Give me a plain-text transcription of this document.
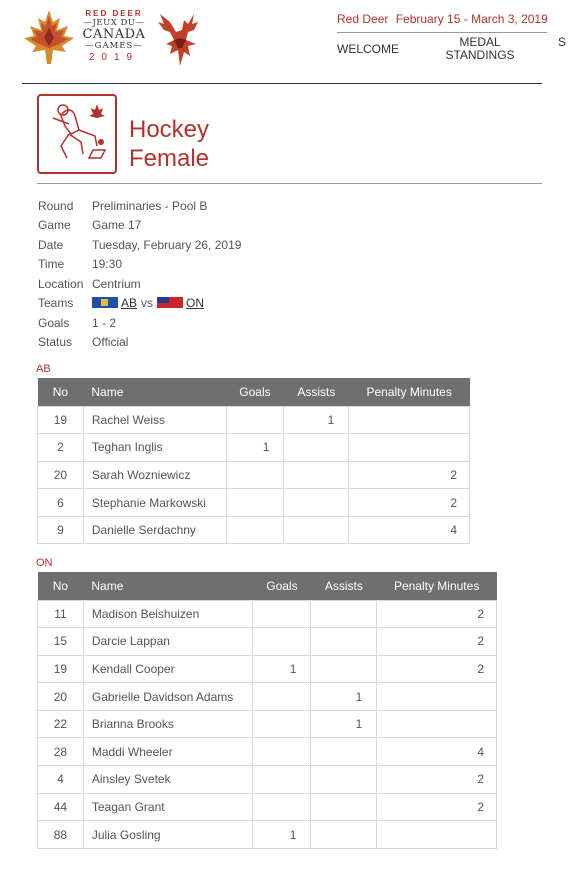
RED DEER
—JEUX DU—
CANADA
—GAMES—
2019
Red Deer February 15 - March 3, 2019
WELCOME	MEDAL
STANDINGS
S
Hockey
Female
Round	Preliminaries - Pool B
Game	Game 17
Date	Tuesday, February 26, 2019
Time	19:30
Location Centrium
Teams	AB vs	ON
Goals	1 - 2
Status	Official
AB
No	Name	Goals	Assists	Penalty Minutes
19	Rachel Weiss		1	
2	Teghan Inglis	1		
20	Sarah Wozniewicz			2
6	Stephanie Markowski			2
9	Danielle Serdachny			4
ON
No	Name	Goals	Assists	Penalty Minutes
11	Madison Beishuizen			2
15	Darcie Lappan			2
19	Kendall Cooper	1		2
20	Gabrielle Davidson Adams		1	
22	Brianna Brooks		1	
28	Maddi Wheeler			4
4	Ainsley Svetek			2
44	Teagan Grant			2
88	Julia Gosling	1		
